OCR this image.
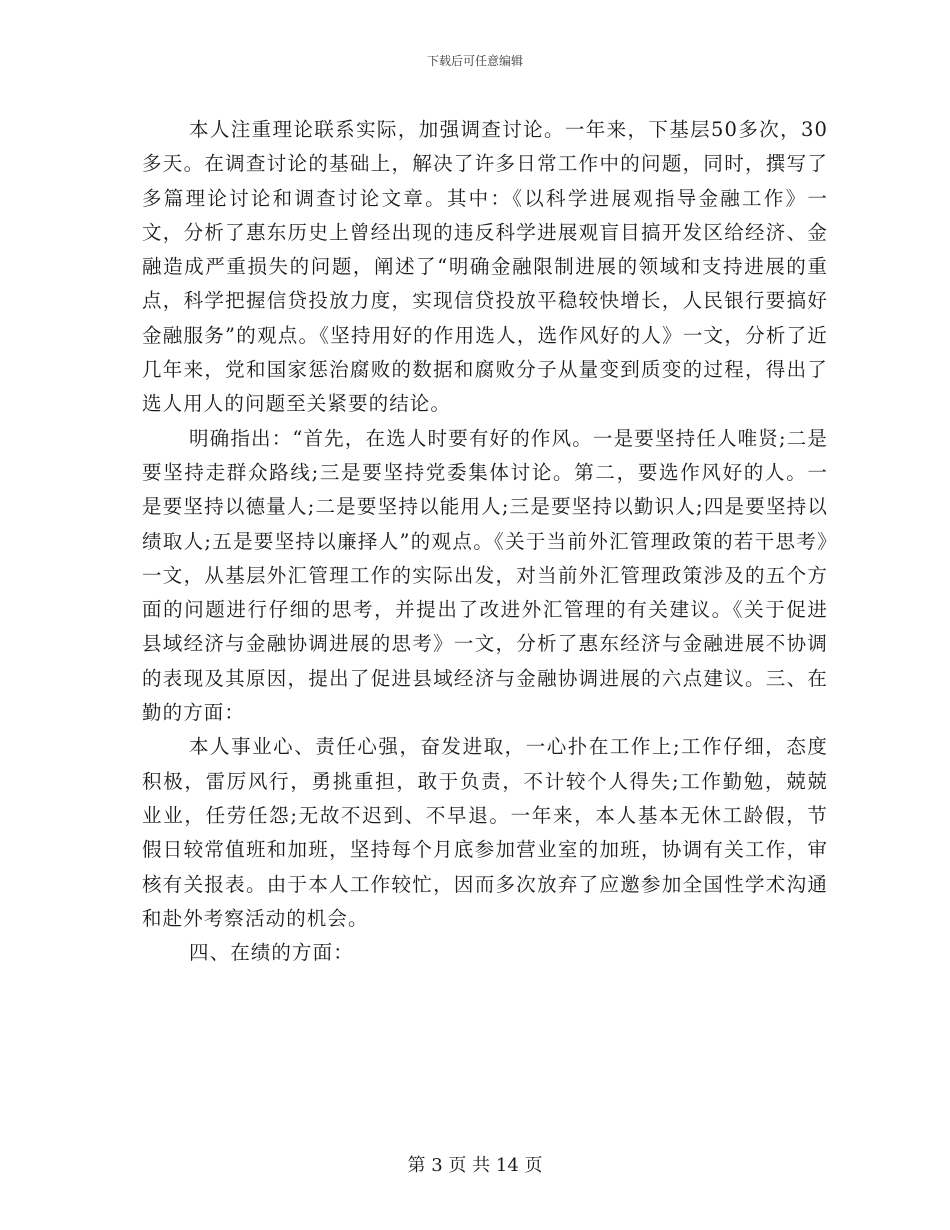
下载后可任意编辑

本人注重理论联系实际，加强调查讨论。一年来，下基层50多次，30多天。在调查讨论的基础上，解决了许多日常工作中的问题，同时，撰写了多篇理论讨论和调查讨论文章。其中：《以科学进展观指导金融工作》一文，分析了惠东历史上曾经出现的违反科学进展观盲目搞开发区给经济、金融造成严重损失的问题，阐述了“明确金融限制进展的领域和支持进展的重点，科学把握信贷投放力度，实现信贷投放平稳较快增长，人民银行要搞好金融服务”的观点。《坚持用好的作用选人，选作风好的人》一文，分析了近几年来，党和国家惩治腐败的数据和腐败分子从量变到质变的过程，得出了选人用人的问题至关紧要的结论。

明确指出：“首先，在选人时要有好的作风。一是要坚持任人唯贤;二是要坚持走群众路线;三是要坚持党委集体讨论。第二，要选作风好的人。一是要坚持以德量人;二是要坚持以能用人;三是要坚持以勤识人;四是要坚持以绩取人;五是要坚持以廉择人”的观点。《关于当前外汇管理政策的若干思考》一文，从基层外汇管理工作的实际出发，对当前外汇管理政策涉及的五个方面的问题进行仔细的思考，并提出了改进外汇管理的有关建议。《关于促进县域经济与金融协调进展的思考》一文，分析了惠东经济与金融进展不协调的表现及其原因，提出了促进县域经济与金融协调进展的六点建议。三、在勤的方面：

本人事业心、责任心强，奋发进取，一心扑在工作上;工作仔细，态度积极，雷厉风行，勇挑重担，敢于负责，不计较个人得失;工作勤勉，兢兢业业，任劳任怨;无故不迟到、不早退。一年来，本人基本无休工龄假，节假日较常值班和加班，坚持每个月底参加营业室的加班，协调有关工作，审核有关报表。由于本人工作较忙，因而多次放弃了应邀参加全国性学术沟通和赴外考察活动的机会。

四、在绩的方面：

第 3 页 共 14 页
